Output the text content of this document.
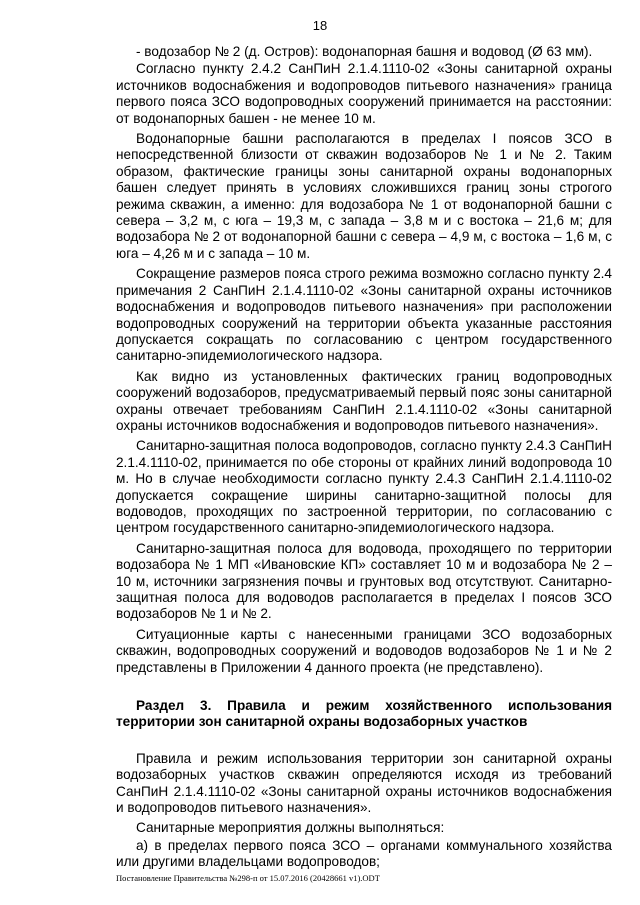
18

- водозабор № 2 (д. Остров): водонапорная башня и водовод (Ø 63 мм).

Согласно пункту 2.4.2 СанПиН 2.1.4.1110-02 «Зоны санитарной охраны источников водоснабжения и водопроводов питьевого назначения» граница первого пояса ЗСО водопроводных сооружений принимается на расстоянии: от водонапорных башен - не менее 10 м.

Водонапорные башни располагаются в пределах I поясов ЗСО в непосредственной близости от скважин водозаборов № 1 и № 2. Таким образом, фактические границы зоны санитарной охраны водонапорных башен следует принять в условиях сложившихся границ зоны строгого режима скважин, а именно: для водозабора № 1 от водонапорной башни с севера – 3,2 м, с юга – 19,3 м, с запада – 3,8 м и с востока – 21,6 м; для водозабора № 2 от водонапорной башни с севера – 4,9 м, с востока – 1,6 м, с юга – 4,26 м и с запада – 10 м.

Сокращение размеров пояса строго режима возможно согласно пункту 2.4 примечания 2 СанПиН 2.1.4.1110-02 «Зоны санитарной охраны источников водоснабжения и водопроводов питьевого назначения» при расположении водопроводных сооружений на территории объекта указанные расстояния допускается сокращать по согласованию с центром государственного санитарно-эпидемиологического надзора.

Как видно из установленных фактических границ водопроводных сооружений водозаборов, предусматриваемый первый пояс зоны санитарной охраны отвечает требованиям СанПиН 2.1.4.1110-02 «Зоны санитарной охраны источников водоснабжения и водопроводов питьевого назначения».

Санитарно-защитная полоса водопроводов, согласно пункту 2.4.3 СанПиН 2.1.4.1110-02, принимается по обе стороны от крайних линий водопровода 10 м. Но в случае необходимости согласно пункту 2.4.3 СанПиН 2.1.4.1110-02 допускается сокращение ширины санитарно-защитной полосы для водоводов, проходящих по застроенной территории, по согласованию с центром государственного санитарно-эпидемиологического надзора.

Санитарно-защитная полоса для водовода, проходящего по территории водозабора № 1 МП «Ивановские КП» составляет 10 м и водозабора № 2 – 10 м, источники загрязнения почвы и грунтовых вод отсутствуют. Санитарно-защитная полоса для водоводов располагается в пределах I поясов ЗСО водозаборов № 1 и № 2.

Ситуационные карты с нанесенными границами ЗСО водозаборных скважин, водопроводных сооружений и водоводов водозаборов № 1 и № 2 представлены в Приложении 4 данного проекта (не представлено).

Раздел 3. Правила и режим хозяйственного использования территории зон санитарной охраны водозаборных участков

Правила и режим использования территории зон санитарной охраны водозаборных участков скважин определяются исходя из требований СанПиН 2.1.4.1110-02 «Зоны санитарной охраны источников водоснабжения и водопроводов питьевого назначения».

Санитарные мероприятия должны выполняться:

а) в пределах первого пояса ЗСО – органами коммунального хозяйства или другими владельцами водопроводов;

Постановление Правительства №298-п от 15.07.2016 (20428661 v1).ODT
